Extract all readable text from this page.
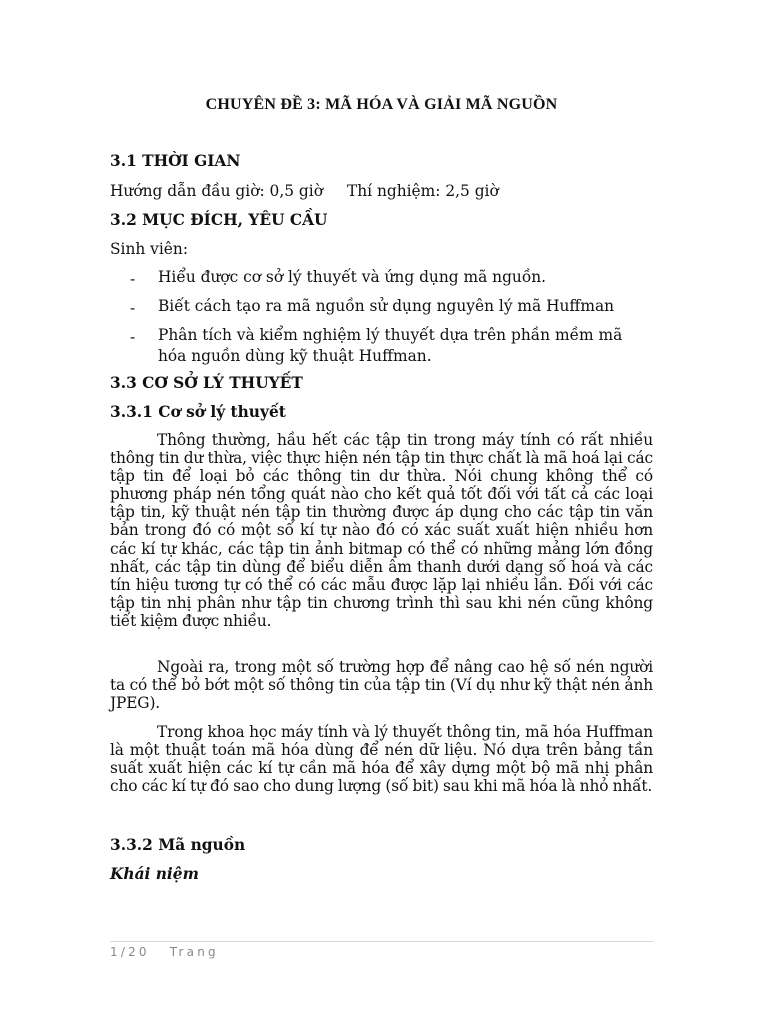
CHUYÊN ĐỀ 3: MÃ HÓA VÀ GIẢI MÃ NGUỒN
3.1 THỜI GIAN
Hướng dẫn đầu giờ: 0,5 giờ Thí nghiệm: 2,5 giờ
3.2 MỤC ĐÍCH, YÊU CẦU
Sinh viên:
- Hiểu được cơ sở lý thuyết và ứng dụng mã nguồn.
- Biết cách tạo ra mã nguồn sử dụng nguyên lý mã Huffman
- Phân tích và kiểm nghiệm lý thuyết dựa trên phần mềm mã hóa nguồn dùng kỹ thuật Huffman.
3.3 CƠ SỞ LÝ THUYẾT
3.3.1 Cơ sở lý thuyết
Thông thường, hầu hết các tập tin trong máy tính có rất nhiều thông tin dư thừa, việc thực hiện nén tập tin thực chất là mã hoá lại các tập tin để loại bỏ các thông tin dư thừa. Nói chung không thể có phương pháp nén tổng quát nào cho kết quả tốt đối với tất cả các loại tập tin, kỹ thuật nén tập tin thường được áp dụng cho các tập tin văn bản trong đó có một số kí tự nào đó có xác suất xuất hiện nhiều hơn các kí tự khác, các tập tin ảnh bitmap có thể có những mảng lớn đồng nhất, các tập tin dùng để biểu diễn âm thanh dưới dạng số hoá và các tín hiệu tương tự có thể có các mẫu được lặp lại nhiều lần. Đối với các tập tin nhị phân như tập tin chương trình thì sau khi nén cũng không tiết kiệm được nhiều.
Ngoài ra, trong một số trường hợp để nâng cao hệ số nén người ta có thể bỏ bớt một số thông tin của tập tin (Ví dụ như kỹ thật nén ảnh JPEG).
Trong khoa học máy tính và lý thuyết thông tin, mã hóa Huffman là một thuật toán mã hóa dùng để nén dữ liệu. Nó dựa trên bảng tần suất xuất hiện các kí tự cần mã hóa để xây dựng một bộ mã nhị phân cho các kí tự đó sao cho dung lượng (số bit) sau khi mã hóa là nhỏ nhất.
3.3.2 Mã nguồn
Khái niệm
1/20 Trang
